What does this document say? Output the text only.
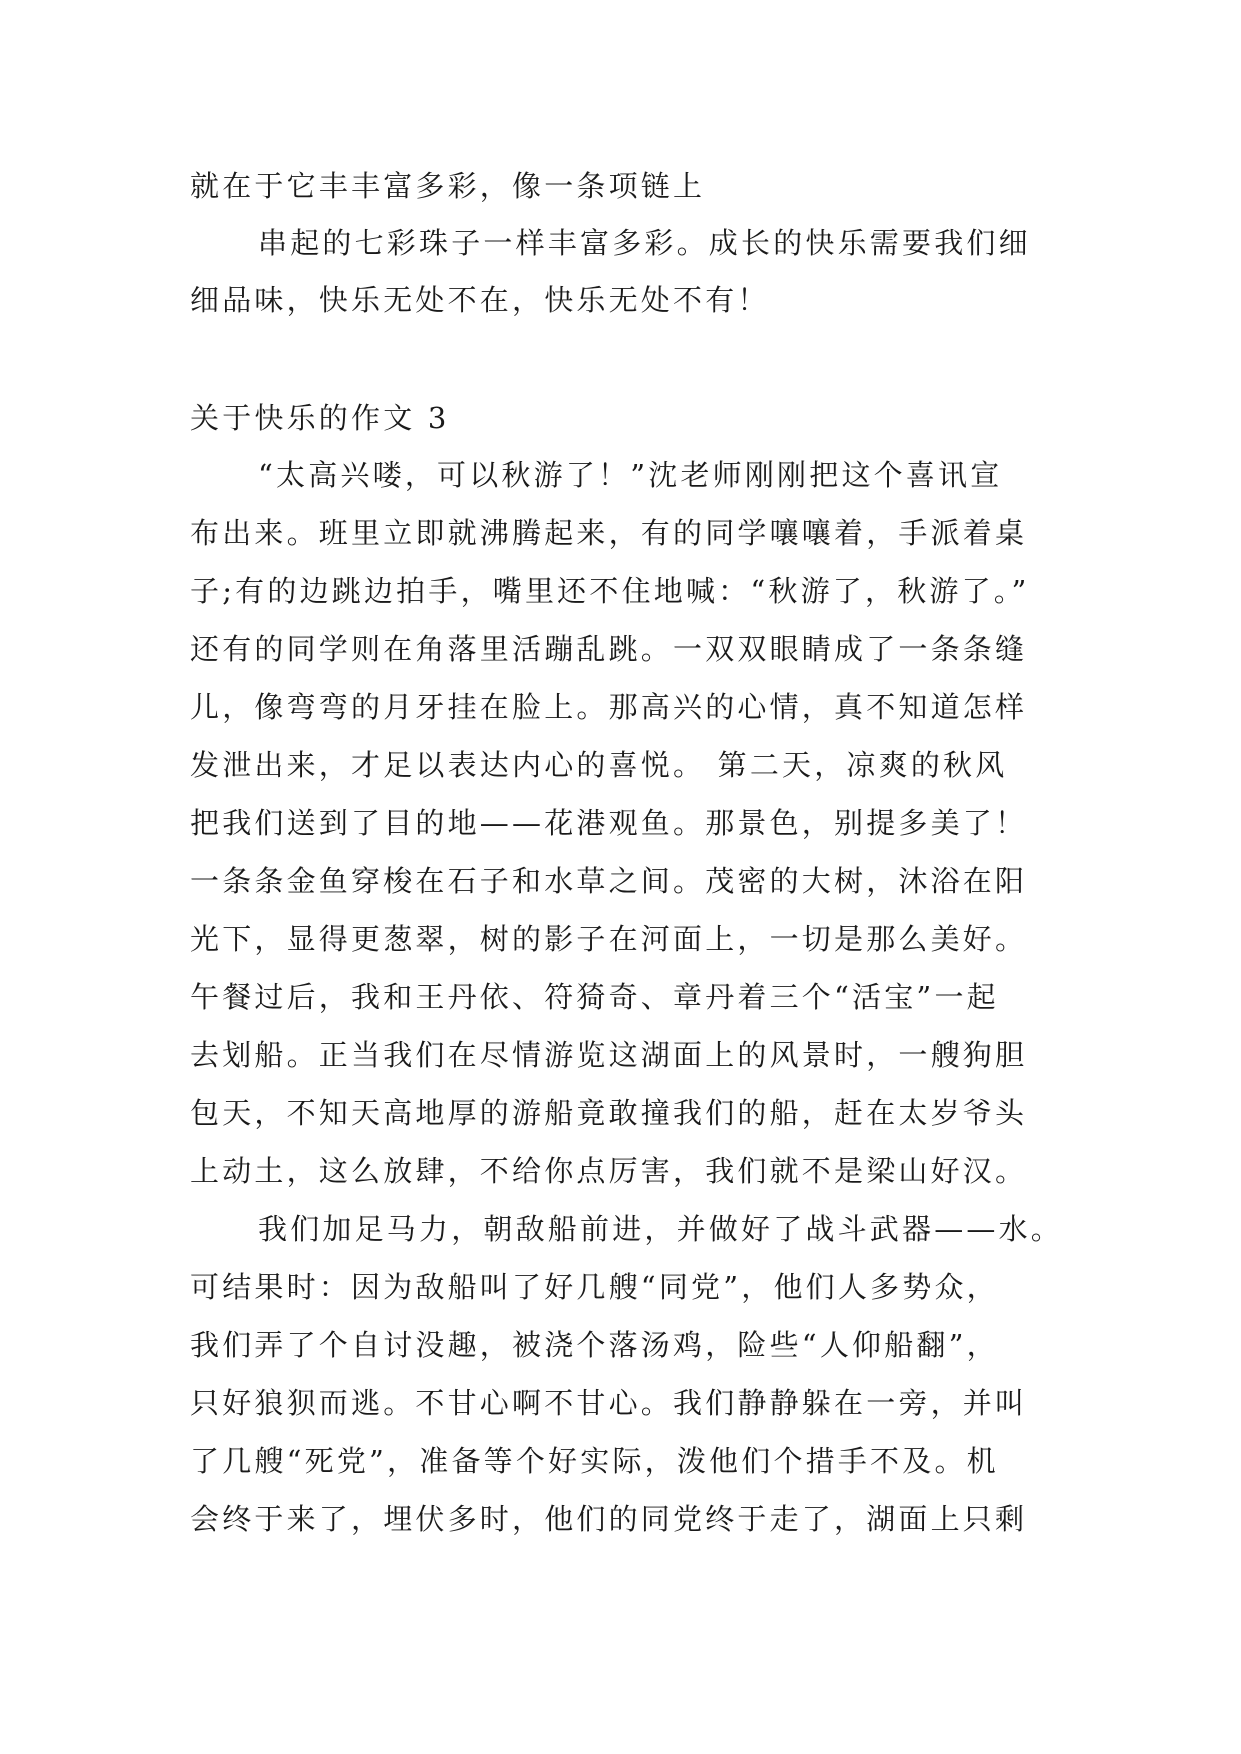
就在于它丰丰富多彩，像一条项链上
串起的七彩珠子一样丰富多彩。成长的快乐需要我们细
细品味，快乐无处不在，快乐无处不有！
关于快乐的作文 3
“太高兴喽，可以秋游了！”沈老师刚刚把这个喜讯宣
布出来。班里立即就沸腾起来，有的同学嚷嚷着，手派着桌
子;有的边跳边拍手，嘴里还不住地喊：“秋游了，秋游了。”
还有的同学则在角落里活蹦乱跳。一双双眼睛成了一条条缝
儿，像弯弯的月牙挂在脸上。那高兴的心情，真不知道怎样
发泄出来，才足以表达内心的喜悦。 第二天，凉爽的秋风
把我们送到了目的地——花港观鱼。那景色，别提多美了！
一条条金鱼穿梭在石子和水草之间。茂密的大树，沐浴在阳
光下，显得更葱翠，树的影子在河面上，一切是那么美好。
午餐过后，我和王丹依、符猗奇、章丹着三个“活宝”一起
去划船。正当我们在尽情游览这湖面上的风景时，一艘狗胆
包天，不知天高地厚的游船竟敢撞我们的船，赶在太岁爷头
上动土，这么放肆，不给你点厉害，我们就不是梁山好汉。
我们加足马力，朝敌船前进，并做好了战斗武器——水。
可结果时：因为敌船叫了好几艘“同党”，他们人多势众，
我们弄了个自讨没趣，被浇个落汤鸡，险些“人仰船翻”，
只好狼狈而逃。不甘心啊不甘心。我们静静躲在一旁，并叫
了几艘“死党”，准备等个好实际，泼他们个措手不及。机
会终于来了，埋伏多时，他们的同党终于走了，湖面上只剩
